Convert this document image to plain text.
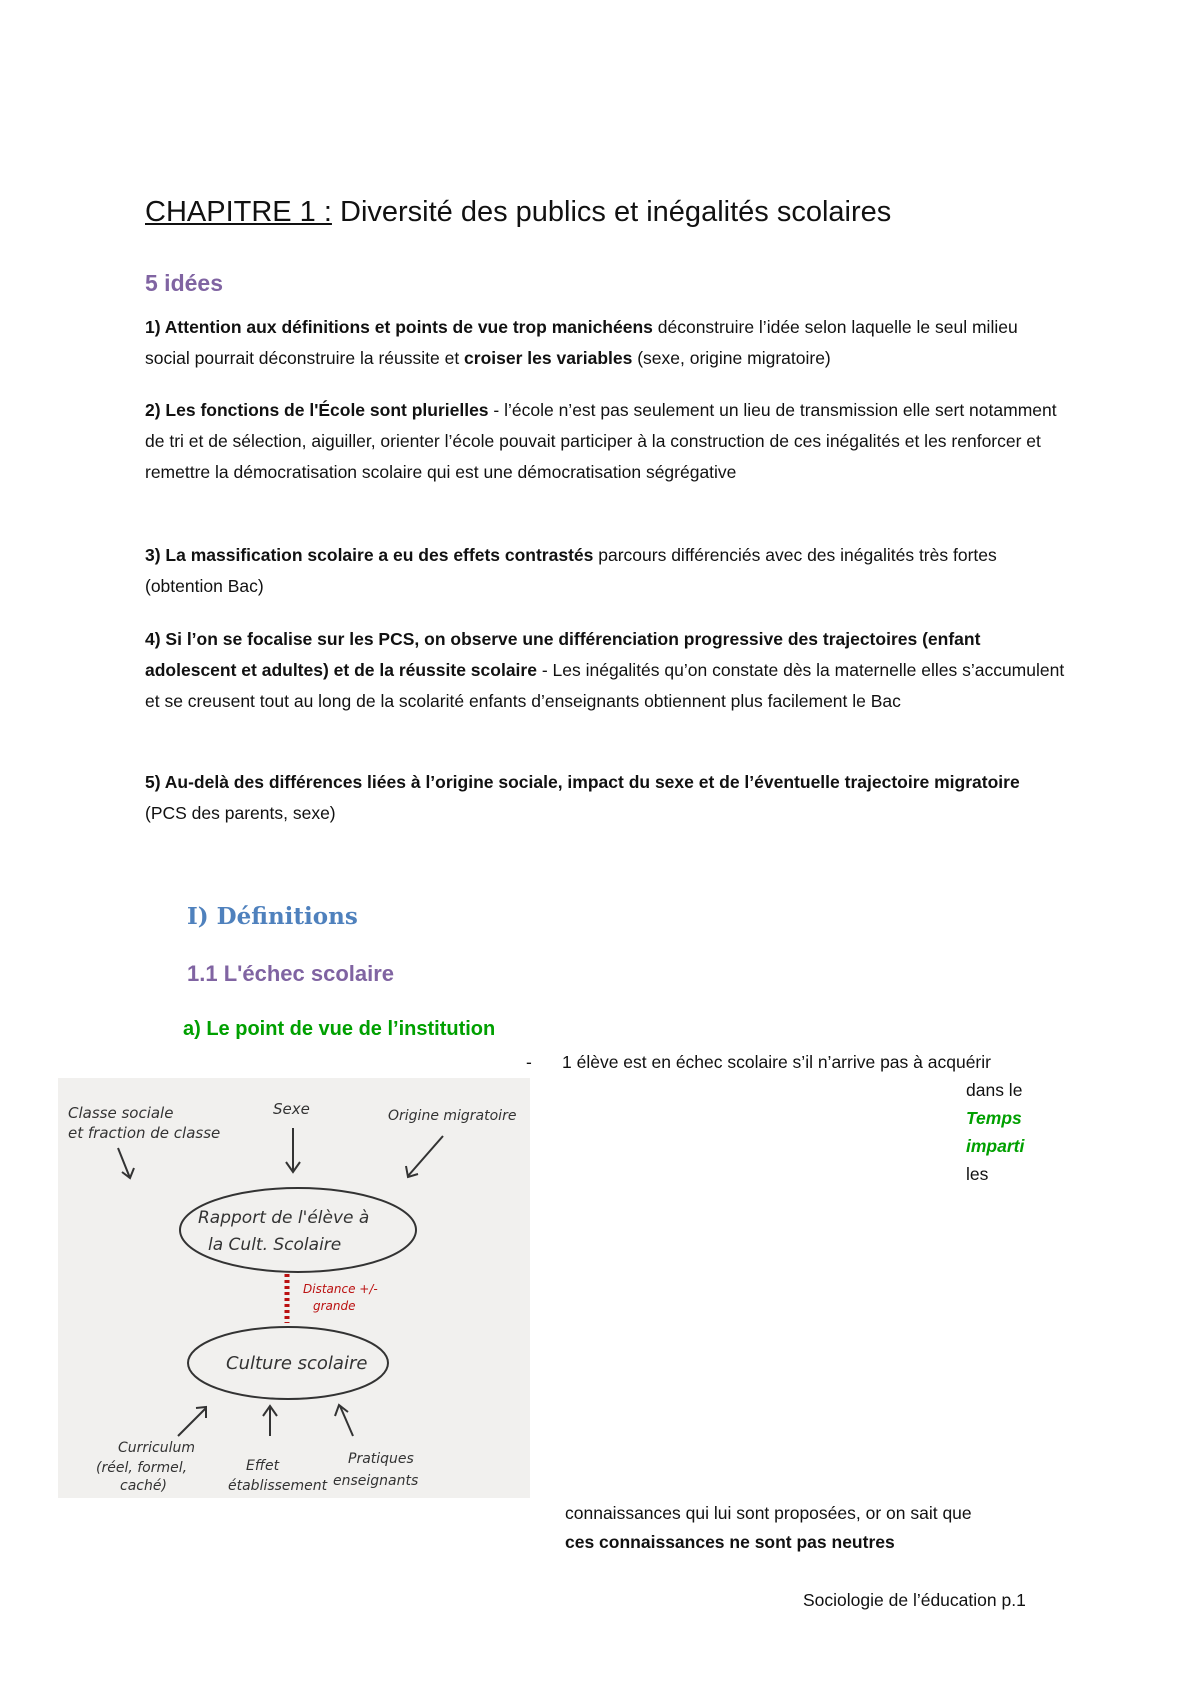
CHAPITRE 1 : Diversité des publics et inégalités scolaires
5 idées
1) Attention aux définitions et points de vue trop manichéens déconstruire l’idée selon laquelle le seul milieu social pourrait déconstruire la réussite et croiser les variables (sexe, origine migratoire)
2) Les fonctions de l'École sont plurielles - l’école n’est pas seulement un lieu de transmission elle sert notamment de tri et de sélection, aiguiller, orienter l’école pouvait participer à la construction de ces inégalités et les renforcer et remettre la démocratisation scolaire qui est une démocratisation ségrégative
3) La massification scolaire a eu des effets contrastés parcours différenciés avec des inégalités très fortes (obtention Bac)
4) Si l’on se focalise sur les PCS, on observe une différenciation progressive des trajectoires (enfant adolescent et adultes) et de la réussite scolaire - Les inégalités qu’on constate dès la maternelle elles s’accumulent et se creusent tout au long de la scolarité enfants d’enseignants obtiennent plus facilement le Bac
5) Au-delà des différences liées à l’origine sociale, impact du sexe et de l’éventuelle trajectoire migratoire (PCS des parents, sexe)
I) Définitions
1.1 L'échec scolaire
a) Le point de vue de l’institution
- 1 élève est en échec scolaire s’il n’arrive pas à acquérir
dans le
Temps
imparti
les
Classe sociale
et fraction de classe
Sexe	Origine migratoire
Rapport de l'élève à
la Cult. Scolaire
Distance +/-
grande
Culture scolaire
Curriculum
(réel, formel,
caché)
Effet
établissement
Pratiques
enseignants
connaissances qui lui sont proposées, or on sait que
ces connaissances ne sont pas neutres
Sociologie de l’éducation p.1
